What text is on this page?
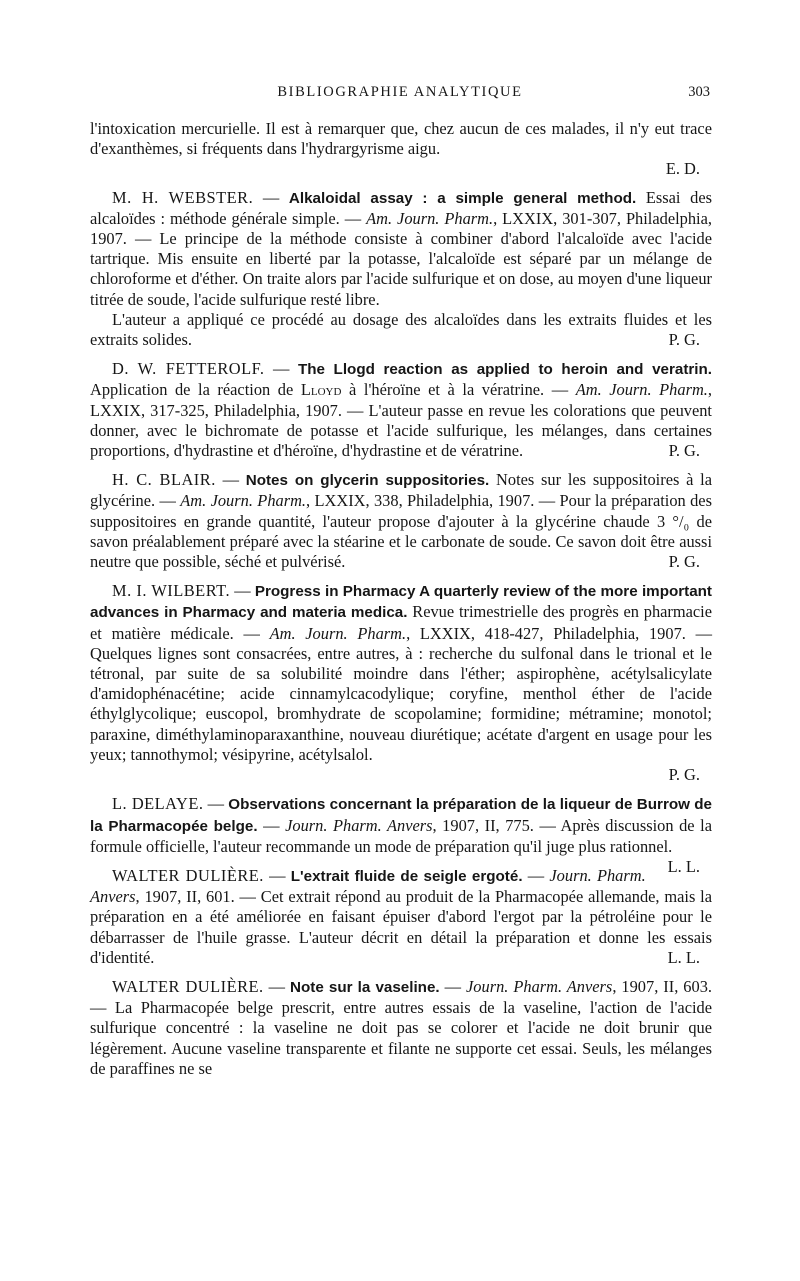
BIBLIOGRAPHIE ANALYTIQUE	303

l'intoxication mercurielle. Il est à remarquer que, chez aucun de ces malades, il n'y eut trace d'exanthèmes, si fréquents dans l'hydrargyrisme aigu.

E. D.

M. H. WEBSTER. — Alkaloidal assay : a simple general method. Essai des alcaloïdes : méthode générale simple. — Am. Journ. Pharm., LXXIX, 301-307, Philadelphia, 1907. — Le principe de la méthode consiste à combiner d'abord l'alcaloïde avec l'acide tartrique. Mis ensuite en liberté par la potasse, l'alcaloïde est séparé par un mélange de chloroforme et d'éther. On traite alors par l'acide sulfurique et on dose, au moyen d'une liqueur titrée de soude, l'acide sulfurique resté libre.

L'auteur a appliqué ce procédé au dosage des alcaloïdes dans les extraits fluides et les extraits solides.	P. G.

D. W. FETTEROLF. — The Llogd reaction as applied to heroin and veratrin. Application de la réaction de Lloyd à l'héroïne et à la vératrine. — Am. Journ. Pharm., LXXIX, 317-325, Philadelphia, 1907. — L'auteur passe en revue les colorations que peuvent donner, avec le bichromate de potasse et l'acide sulfurique, les mélanges, dans certaines proportions, d'hydrastine et d'héroïne, d'hydrastine et de vératrine.	P. G.

H. C. BLAIR. — Notes on glycerin suppositories. Notes sur les suppositoires à la glycérine. — Am. Journ. Pharm., LXXIX, 338, Philadelphia, 1907. — Pour la préparation des suppositoires en grande quantité, l'auteur propose d'ajouter à la glycérine chaude 3 °/₀ de savon préalablement préparé avec la stéarine et le carbonate de soude. Ce savon doit être aussi neutre que possible, séché et pulvérisé.	P. G.

M. I. WILBERT. — Progress in Pharmacy A quarterly review of the more important advances in Pharmacy and materia medica. Revue trimestrielle des progrès en pharmacie et matière médicale. — Am. Journ. Pharm., LXXIX, 418-427, Philadelphia, 1907. — Quelques lignes sont consacrées, entre autres, à : recherche du sulfonal dans le trional et le tétronal, par suite de sa solubilité moindre dans l'éther; aspirophène, acétylsalicylate d'amidophénacétine; acide cinnamylcacodylique; coryfine, menthol éther de l'acide éthylglycolique; euscopol, bromhydrate de scopolamine; formidine; métramine; monotol; paraxine, diméthylaminoparaxanthine, nouveau diurétique; acétate d'argent en usage pour les yeux; tannothymol; vésipyrine, acétylsalol.

P. G.

L. DELAYE. — Observations concernant la préparation de la liqueur de Burrow de la Pharmacopée belge. — Journ. Pharm. Anvers, 1907, II, 775. — Après discussion de la formule officielle, l'auteur recommande un mode de préparation qu'il juge plus rationnel.
L. L.

WALTER DULIÈRE. — L'extrait fluide de seigle ergoté. — Journ. Pharm. Anvers, 1907, II, 601. — Cet extrait répond au produit de la Pharmacopée allemande, mais la préparation en a été améliorée en faisant épuiser d'abord l'ergot par la pétroléine pour le débarrasser de l'huile grasse. L'auteur décrit en détail la préparation et donne les essais d'identité.	L. L.

WALTER DULIÈRE. — Note sur la vaseline. — Journ. Pharm. Anvers, 1907, II, 603. — La Pharmacopée belge prescrit, entre autres essais de la vaseline, l'action de l'acide sulfurique concentré : la vaseline ne doit pas se colorer et l'acide ne doit brunir que légèrement. Aucune vaseline transparente et filante ne supporte cet essai. Seuls, les mélanges de paraffines ne se
